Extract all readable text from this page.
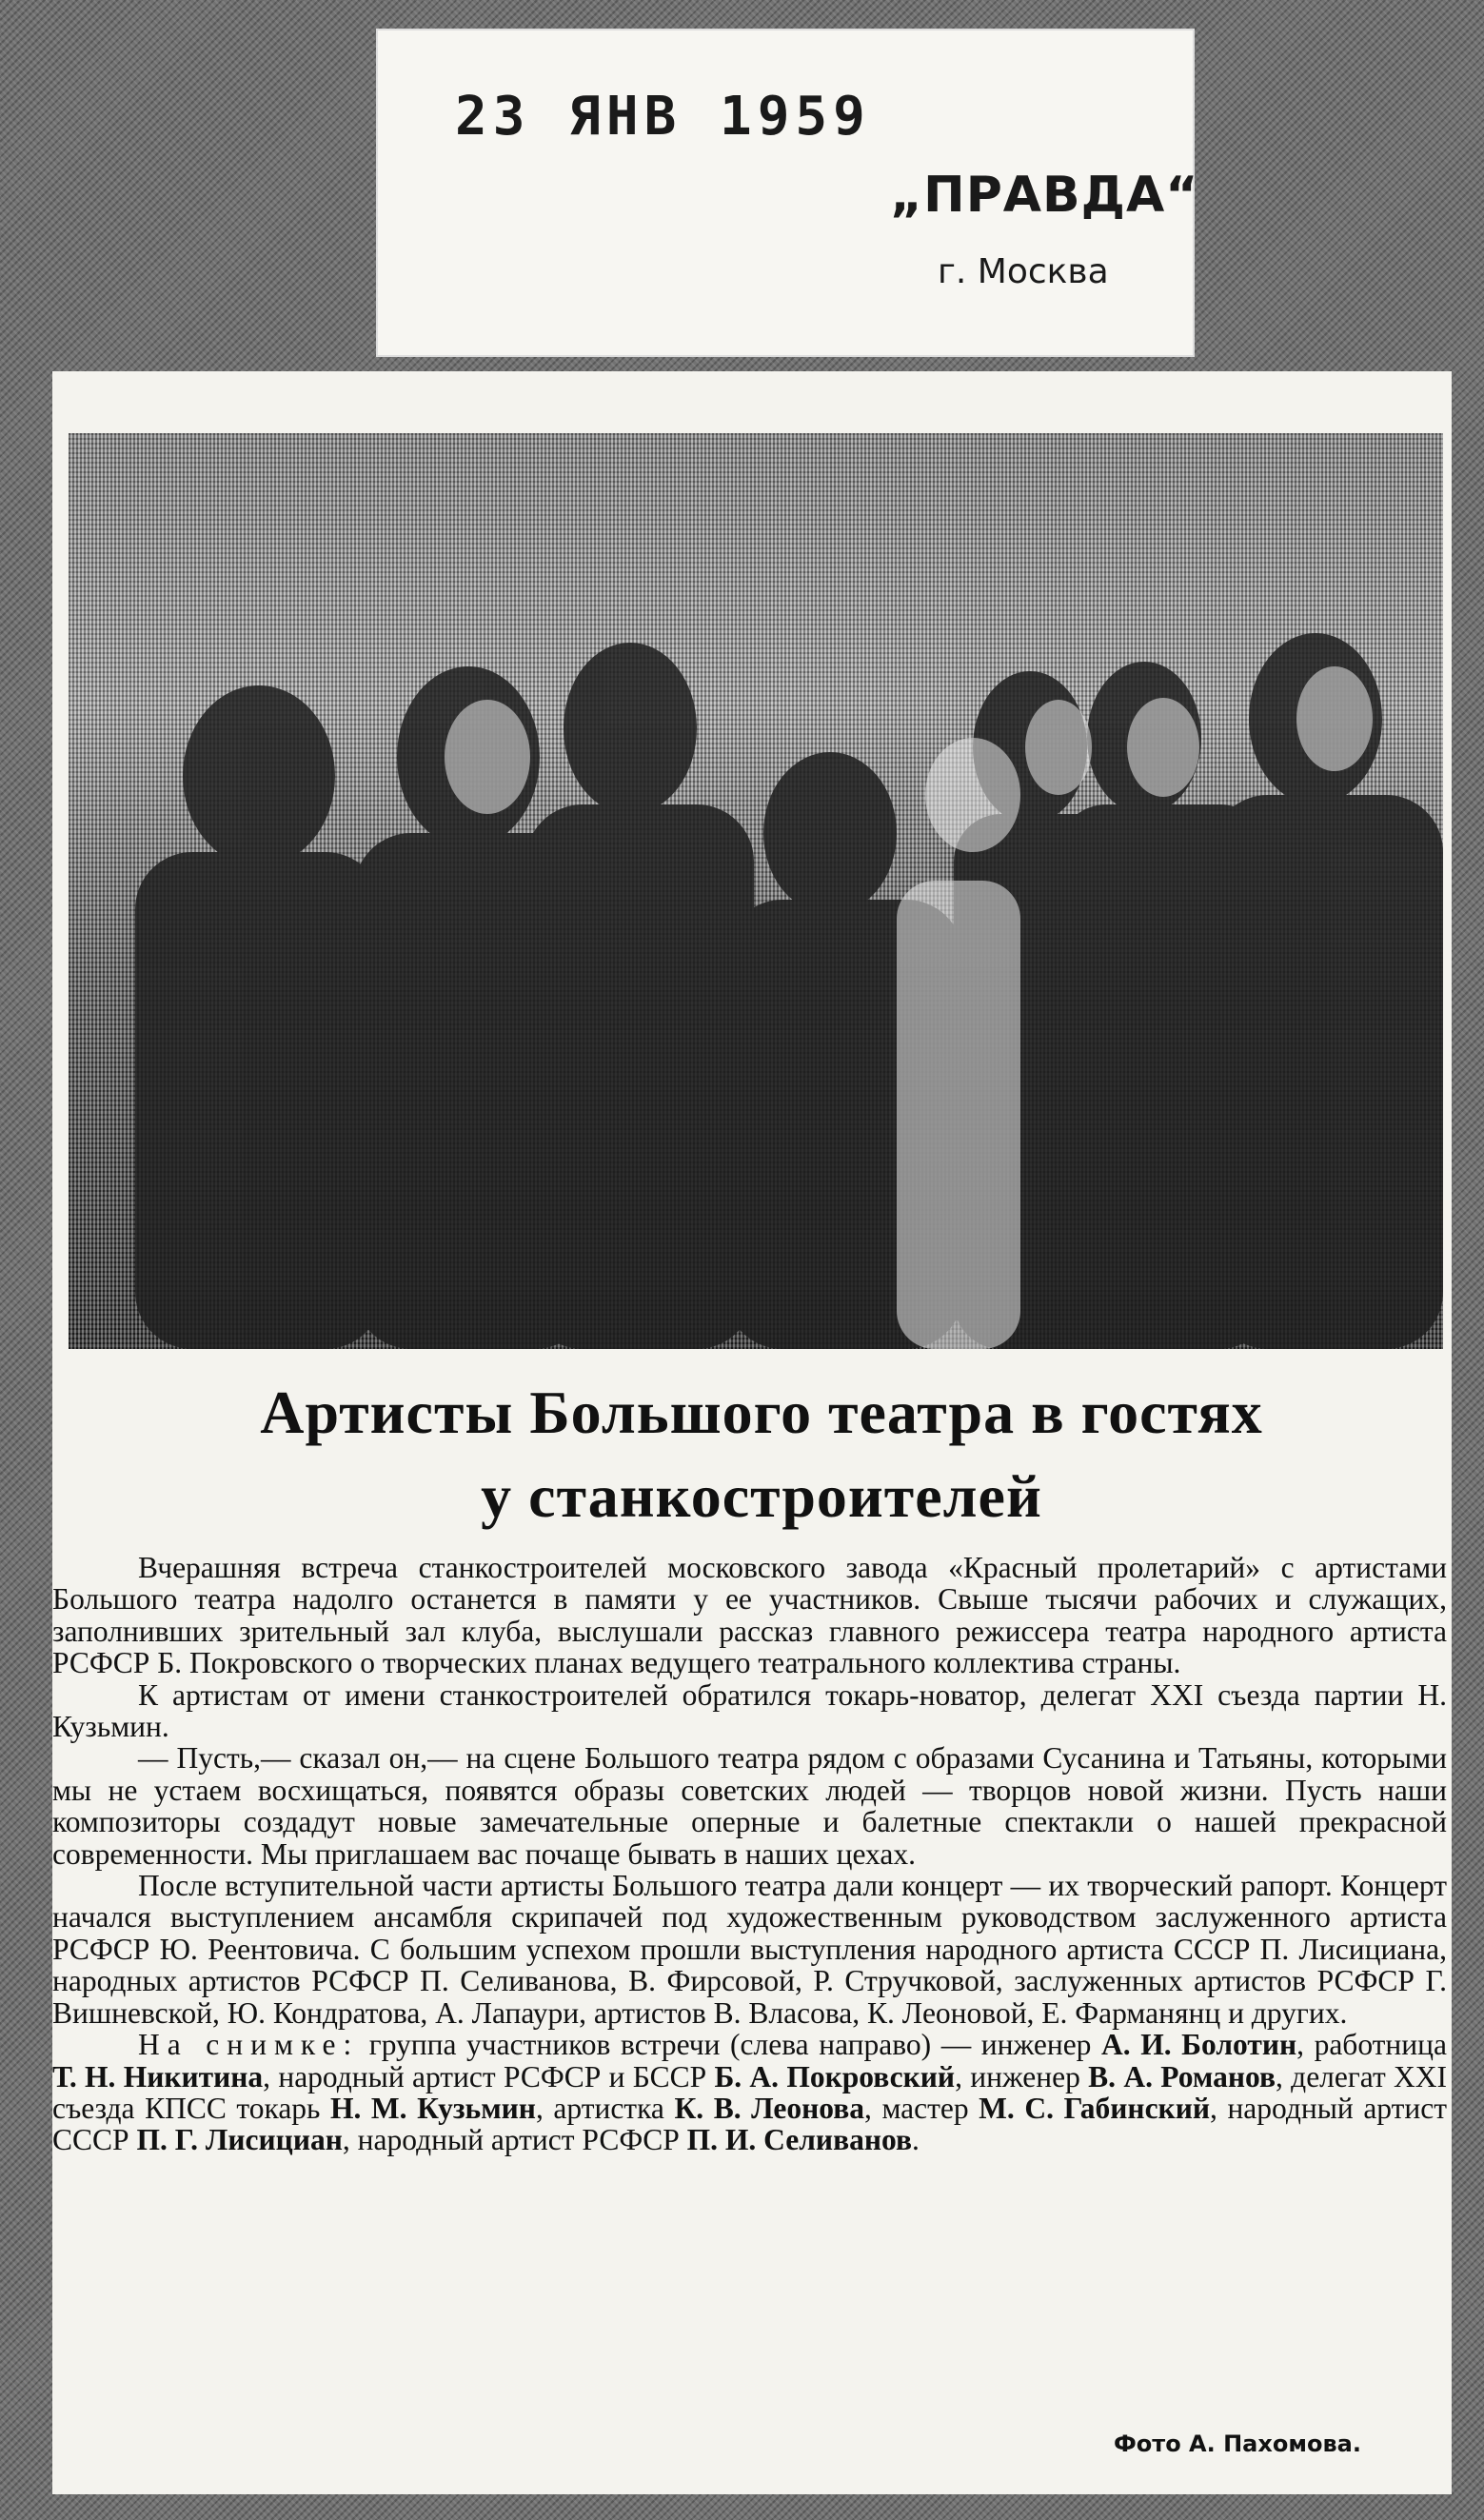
23 ЯНВ 1959
„ПРАВДА“
г. Москва
Артисты Большого театра в гостях
у станкостроителей

Вчерашняя встреча станкостроителей московского завода «Красный пролетарий» с артистами Большого театра надолго останется в памяти у ее участников. Свыше тысячи рабочих и служащих, заполнивших зрительный зал клуба, выслушали рассказ главного режиссера театра народного артиста РСФСР Б. Покровского о творческих планах ведущего театрального коллектива страны.

К артистам от имени станкостроителей обратился токарь-новатор, делегат XXI съезда партии Н. Кузьмин.

— Пусть,— сказал он,— на сцене Большого театра рядом с образами Сусанина и Татьяны, которыми мы не устаем восхищаться, появятся образы советских людей — творцов новой жизни. Пусть наши композиторы создадут новые замечательные оперные и балетные спектакли о нашей прекрасной современности. Мы приглашаем вас почаще бывать в наших цехах.

После вступительной части артисты Большого театра дали концерт — их творческий рапорт. Концерт начался выступлением ансамбля скрипачей под художественным руководством заслуженного артиста РСФСР Ю. Реентовича. С большим успехом прошли выступления народного артиста СССР П. Лисициана, народных артистов РСФСР П. Селиванова, В. Фирсовой, Р. Стручковой, заслуженных артистов РСФСР Г. Вишневской, Ю. Кондратова, А. Лапаури, артистов В. Власова, К. Леоновой, Е. Фарманянц и других.

На снимке: группа участников встречи (слева направо) — инженер А. И. Болотин, работница Т. Н. Никитина, народный артист РСФСР и БССР Б. А. Покровский, инженер В. А. Романов, делегат XXI съезда КПСС токарь Н. М. Кузьмин, артистка К. В. Леонова, мастер М. С. Габинский, народный артист СССР П. Г. Лисициан, народный артист РСФСР П. И. Селиванов.

Фото А. Пахомова.
